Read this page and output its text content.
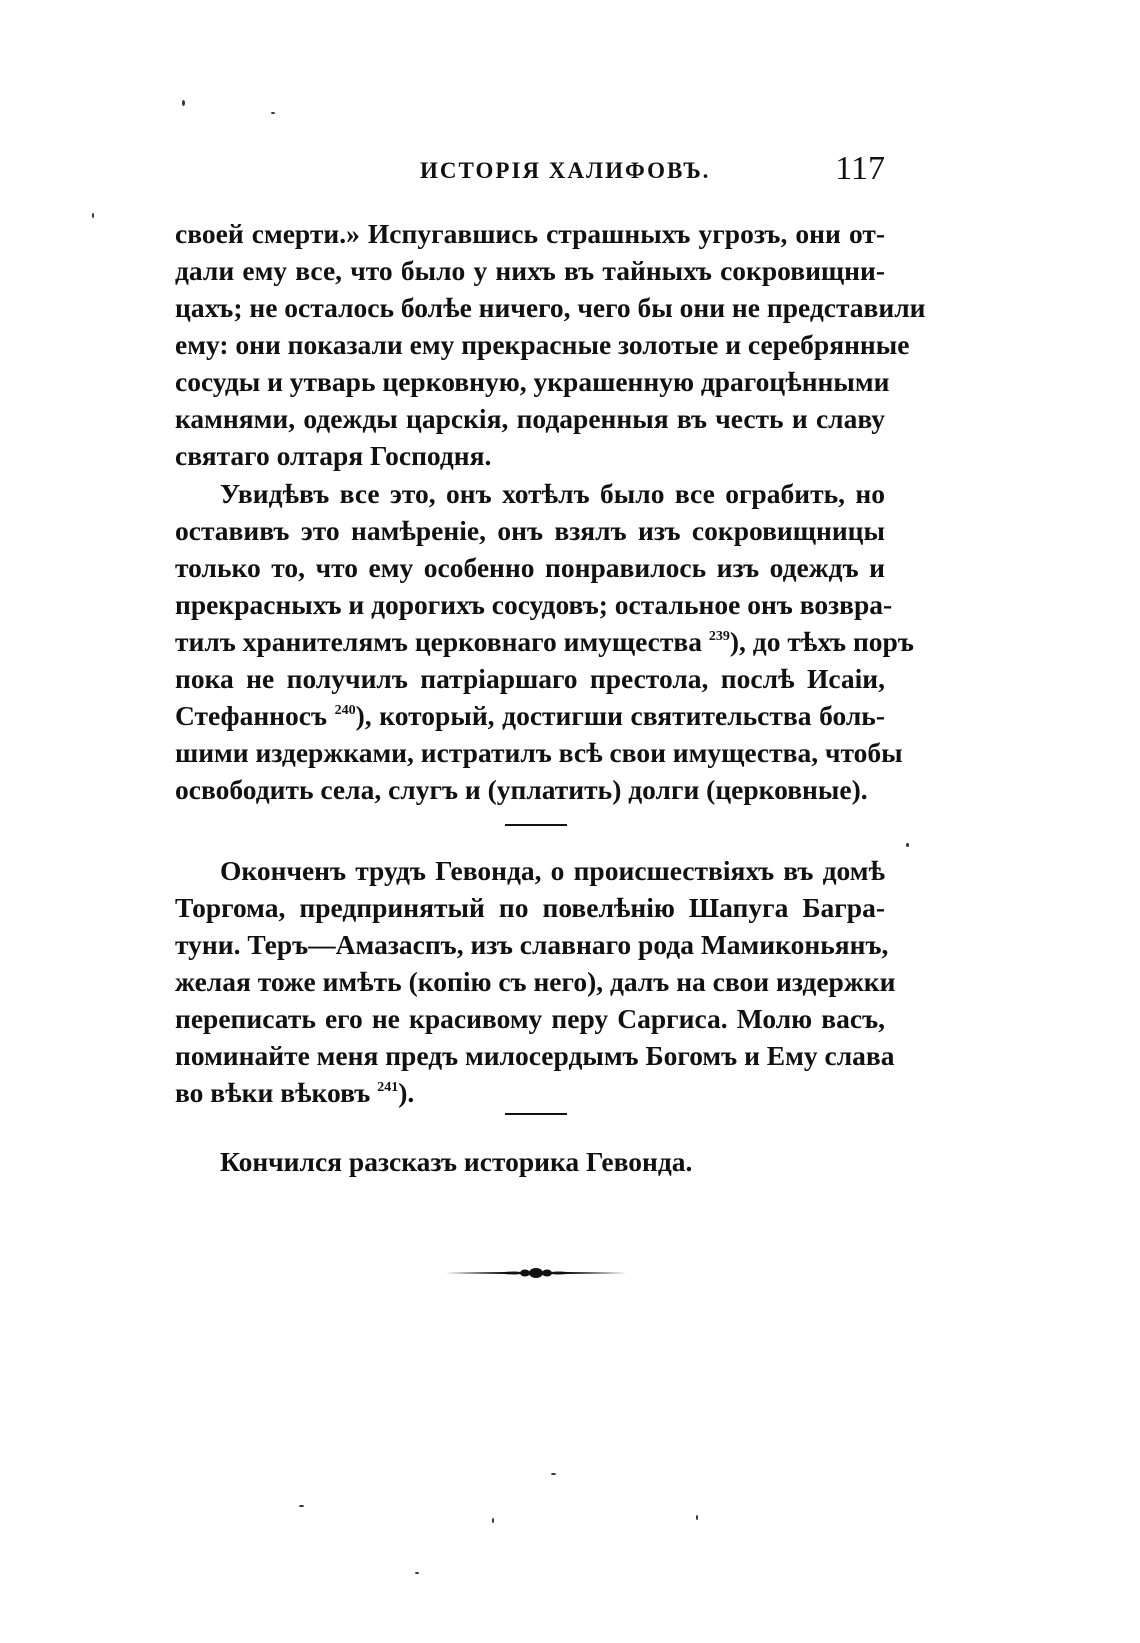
ИСТОРІЯ ХАЛИФОВЪ.	117
своей смерти.» Испугавшись страшныхъ угрозъ, они от-
дали ему все, что было у нихъ въ тайныхъ сокровищни-
цахъ; не осталось болѣе ничего, чего бы они не представили
ему: они показали ему прекрасные золотые и серебрянные
сосуды и утварь церковную, украшенную драгоцѣнными
камнями, одежды царскія, подаренныя въ честь и славу
святаго олтаря Господня.
Увидѣвъ все это, онъ хотѣлъ было все ограбить, но
оставивъ это намѣреніе, онъ взялъ изъ сокровищницы
только то, что ему особенно понравилось изъ одеждъ и
прекрасныхъ и дорогихъ сосудовъ; остальное онъ возвра-
тилъ хранителямъ церковнаго имущества $^{239}$), до тѣхъ поръ
пока не получилъ патріаршаго престола, послѣ Исаіи,
Стефанносъ $^{240}$), который, достигши святительства боль-
шими издержками, истратилъ всѣ свои имущества, чтобы
освободить села, слугъ и (уплатить) долги (церковные).
Оконченъ трудъ Гевонда, о происшествіяхъ въ домѣ
Торгома, предпринятый по повелѣнію Шапуга Багра-
туни. Теръ—Амазаспъ, изъ славнаго рода Мамиконьянъ,
желая тоже имѣть (копію съ него), далъ на свои издержки
переписать его не красивому перу Саргиса. Молю васъ,
поминайте меня предъ милосердымъ Богомъ и Ему слава
во вѣки вѣковъ $^{241}$).
Кончился разсказъ историка Гевонда.
